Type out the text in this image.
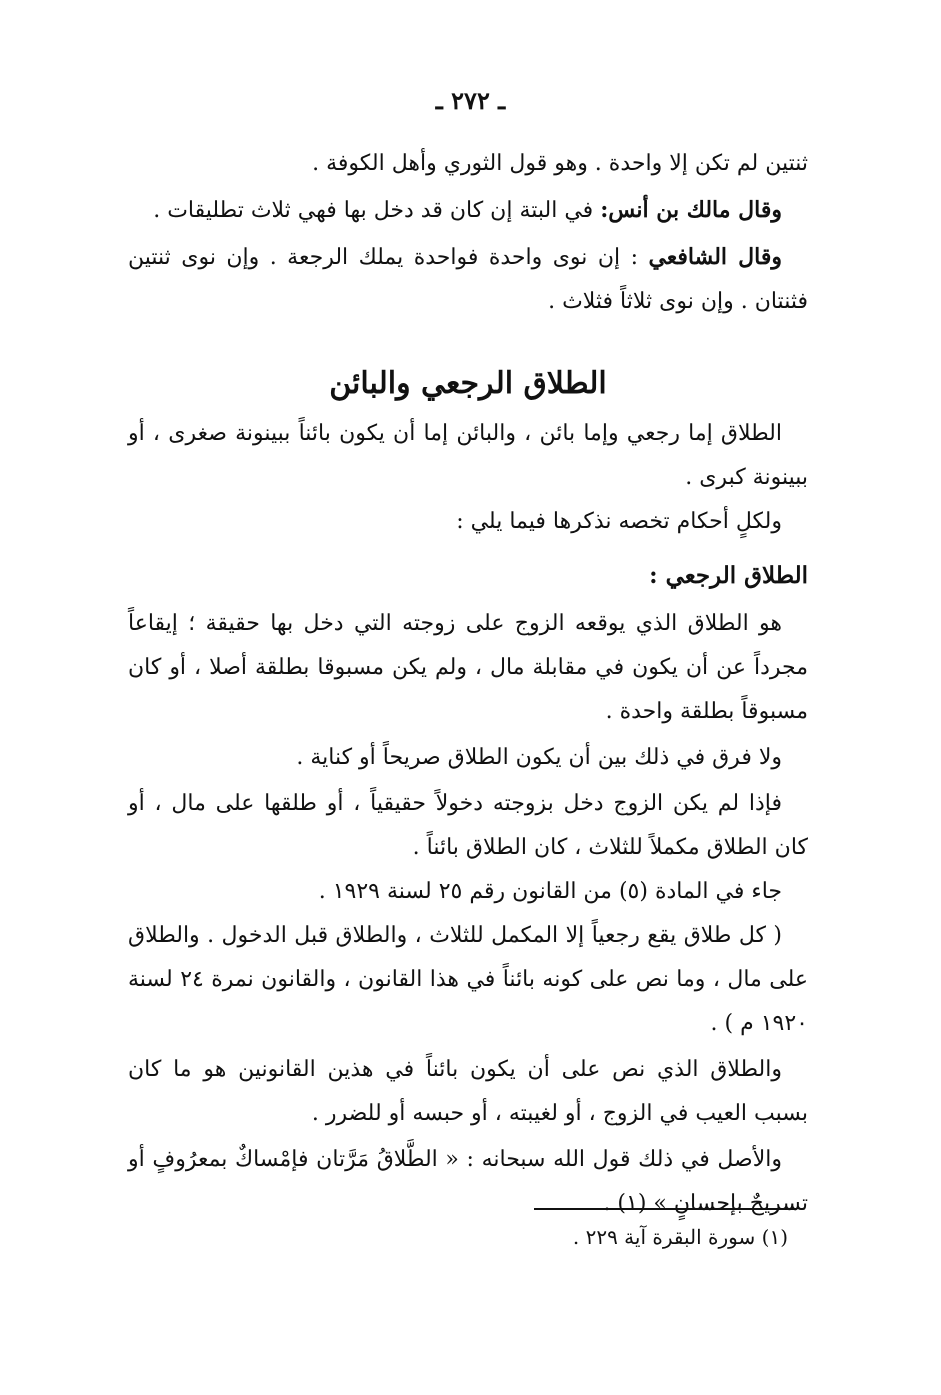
ـ ٢٧٢ ـ

ثنتين لم تكن إلا واحدة . وهو قول الثوري وأهل الكوفة .

وقال مالك بن أنس: في البتة إن كان قد دخل بها فهي ثلاث تطليقات .

وقال الشافعي : إن نوى واحدة فواحدة يملك الرجعة . وإن نوى ثنتين فثنتان . وإن نوى ثلاثاً فثلاث .

الطلاق الرجعي والبائن

الطلاق إما رجعي وإما بائن ، والبائن إما أن يكون بائناً ببينونة صغرى ، أو ببينونة كبرى .

ولكلٍ أحكام تخصه نذكرها فيما يلي :

الطلاق الرجعي :

هو الطلاق الذي يوقعه الزوج على زوجته التي دخل بها حقيقة ؛ إيقاعاً مجرداً عن أن يكون في مقابلة مال ، ولم يكن مسبوقا بطلقة أصلا ، أو كان مسبوقاً بطلقة واحدة .

ولا فرق في ذلك بين أن يكون الطلاق صريحاً أو كناية .

فإذا لم يكن الزوج دخل بزوجته دخولاً حقيقياً ، أو طلقها على مال ، أو كان الطلاق مكملاً للثلاث ، كان الطلاق بائناً .

جاء في المادة (٥) من القانون رقم ٢٥ لسنة ١٩٢٩ .

( كل طلاق يقع رجعياً إلا المكمل للثلاث ، والطلاق قبل الدخول . والطلاق على مال ، وما نص على كونه بائناً في هذا القانون ، والقانون نمرة ٢٤ لسنة ١٩٢٠ م ) .

والطلاق الذي نص على أن يكون بائناً في هذين القانونين هو ما كان بسبب العيب في الزوج ، أو لغيبته ، أو حبسه أو للضرر .

والأصل في ذلك قول الله سبحانه : « الطَّلاقُ مَرَّتان فإمْساكٌ بمعرُوفٍ أو تسريحٌ بإحسانٍ » (١) .

(١) سورة البقرة آية ٢٢٩ .
